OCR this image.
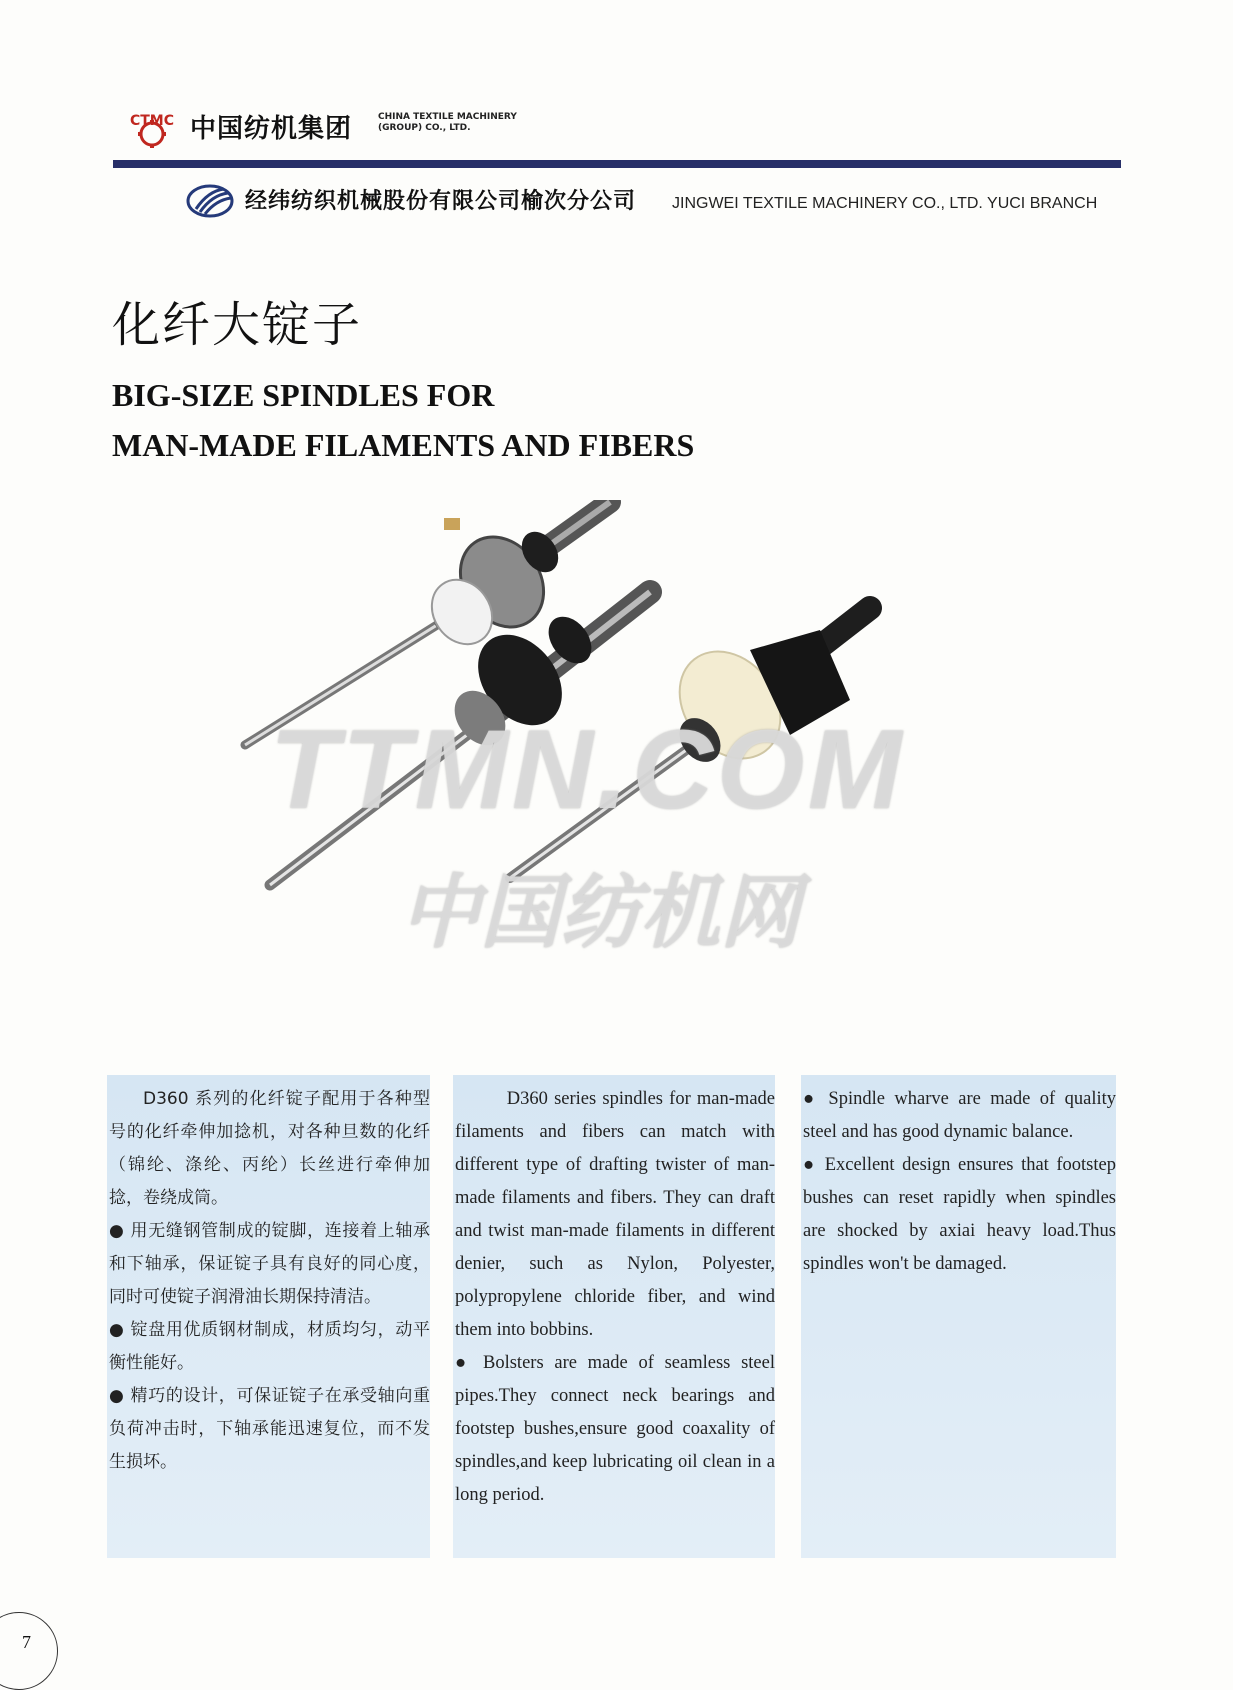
CTMC 中国纺机集团	CHINA TEXTILE MACHINERY
(GROUP) CO., LTD.
经纬纺织机械股份有限公司榆次分公司 JINGWEI TEXTILE MACHINERY CO., LTD. YUCI BRANCH
化纤大锭子
BIG-SIZE SPINDLES FOR
MAN-MADE FILAMENTS AND FIBERS
TTMN.COM
中国纺机网

D360 系列的化纤锭子配用于各种型号的化纤牵伸加捻机，对各种旦数的化纤（锦纶、涤纶、丙纶）长丝进行牵伸加捻，卷绕成筒。

● 用无缝钢管制成的锭脚，连接着上轴承和下轴承，保证锭子具有良好的同心度，同时可使锭子润滑油长期保持清洁。

● 锭盘用优质钢材制成，材质均匀，动平衡性能好。

● 精巧的设计，可保证锭子在承受轴向重负荷冲击时，下轴承能迅速复位，而不发生损坏。

D360 series spindles for man-made filaments and fibers can match with different type of drafting twister of man-made filaments and fibers. They can draft and twist man-made filaments in different denier, such as Nylon, Polyester, polypropylene chloride fiber, and wind them into bobbins.

● Bolsters are made of seamless steel pipes.They connect neck bearings and footstep bushes,ensure good coaxality of spindles,and keep lubricating oil clean in a long period.

● Spindle wharve are made of quality steel and has good dynamic balance.

● Excellent design ensures that footstep bushes can reset rapidly when spindles are shocked by axiai heavy load.Thus spindles won't be damaged.

7
